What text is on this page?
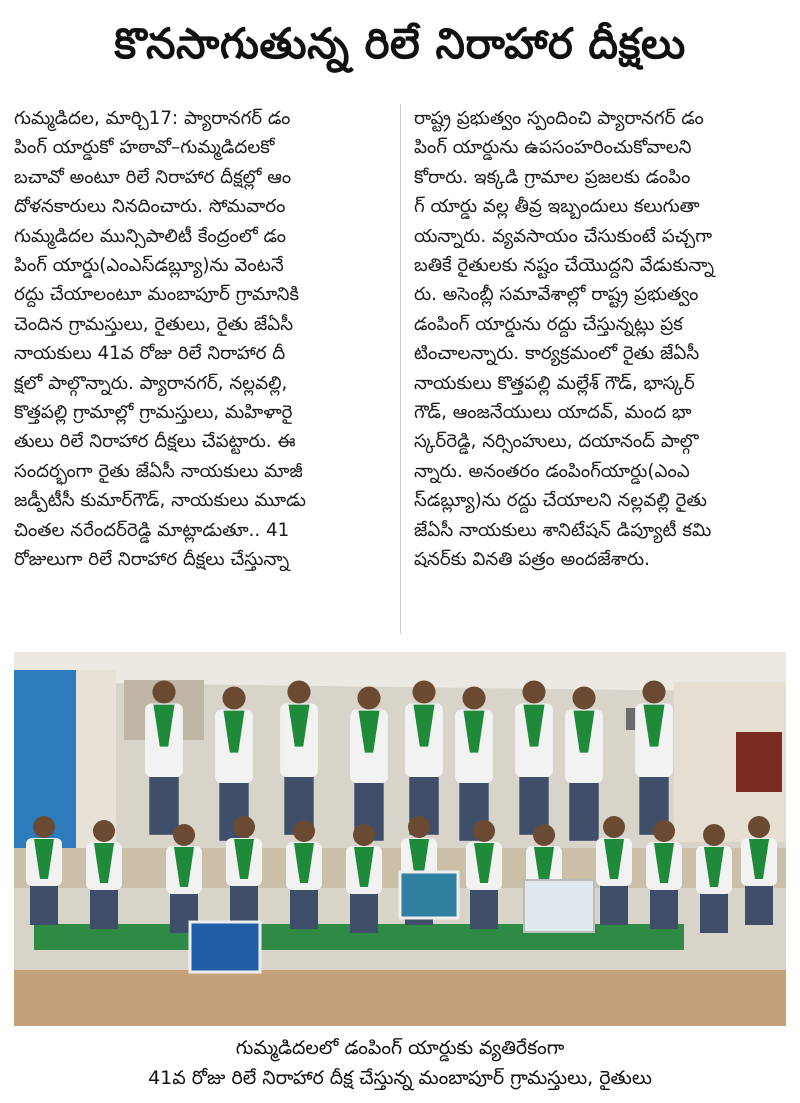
కొనసాగుతున్న రిలే నిరాహార దీక్షలు
గుమ్మడిదల, మార్చి17: ప్యారానగర్ డం
పింగ్ యార్డుకో హఠావో–గుమ్మడిదలకో
బచావో అంటూ రిలే నిరాహార దీక్షల్లో ఆం
దోళనకారులు నినదించారు. సోమవారం
గుమ్మడిదల మున్సిపాలిటీ కేంద్రంలో డం
పింగ్ యార్డు(ఎంఎస్‌డబ్ల్యూ)ను వెంటనే
రద్దు చేయాలంటూ మంబాపూర్ గ్రామానికి
చెందిన గ్రామస్తులు, రైతులు, రైతు జేఏసీ
నాయకులు 41వ రోజు రిలే నిరాహార దీ
క్షలో పాల్గొన్నారు. ప్యారానగర్, నల్లవల్లి,
కొత్తపల్లి గ్రామాల్లో గ్రామస్తులు, మహిళారై
తులు రిలే నిరాహార దీక్షలు చేపట్టారు. ఈ
సందర్భంగా రైతు జేఏసీ నాయకులు మాజీ
జడ్పీటీసీ కుమార్‌గౌడ్, నాయకులు మూడు
చింతల నరేందర్‌రెడ్డి మాట్లాడుతూ.. 41
రోజులుగా రిలే నిరాహార దీక్షలు చేస్తున్నా
రాష్ట్ర ప్రభుత్వం స్పందించి ప్యారానగర్ డం
పింగ్ యార్డును ఉపసంహరించుకోవాలని
కోరారు. ఇక్కడి గ్రామాల ప్రజలకు డంపిం
గ్ యార్డు వల్ల తీవ్ర ఇబ్బందులు కలుగుతా
యన్నారు. వ్యవసాయం చేసుకుంటే పచ్చగా
బతికే రైతులకు నష్టం చేయొద్దని వేడుకున్నా
రు. అసెంబ్లీ సమావేశాల్లో రాష్ట్ర ప్రభుత్వం
డంపింగ్ యార్డును రద్దు చేస్తున్నట్లు ప్రక
టించాలన్నారు. కార్యక్రమంలో రైతు జేఏసీ
నాయకులు కొత్తపల్లి మల్లేశ్ గౌడ్, భాస్కర్
గౌడ్, ఆంజనేయులు యాదవ్, మంద భా
స్కర్‌రెడ్డి, నర్సింహులు, దయానంద్ పాల్గొ
న్నారు. అనంతరం డంపింగ్‌యార్డు(ఎంఎ
స్‌డబ్ల్యూ)ను రద్దు చేయాలని నల్లవల్లి రైతు
జేఏసీ నాయకులు శానిటేషన్ డిప్యూటీ కమి
షనర్‌కు వినతి పత్రం అందజేశారు.
గుమ్మడిదలలో డంపింగ్ యార్డుకు వ్యతిరేకంగా
41వ రోజు రిలే నిరాహార దీక్ష చేస్తున్న మంబాపూర్ గ్రామస్తులు, రైతులు
